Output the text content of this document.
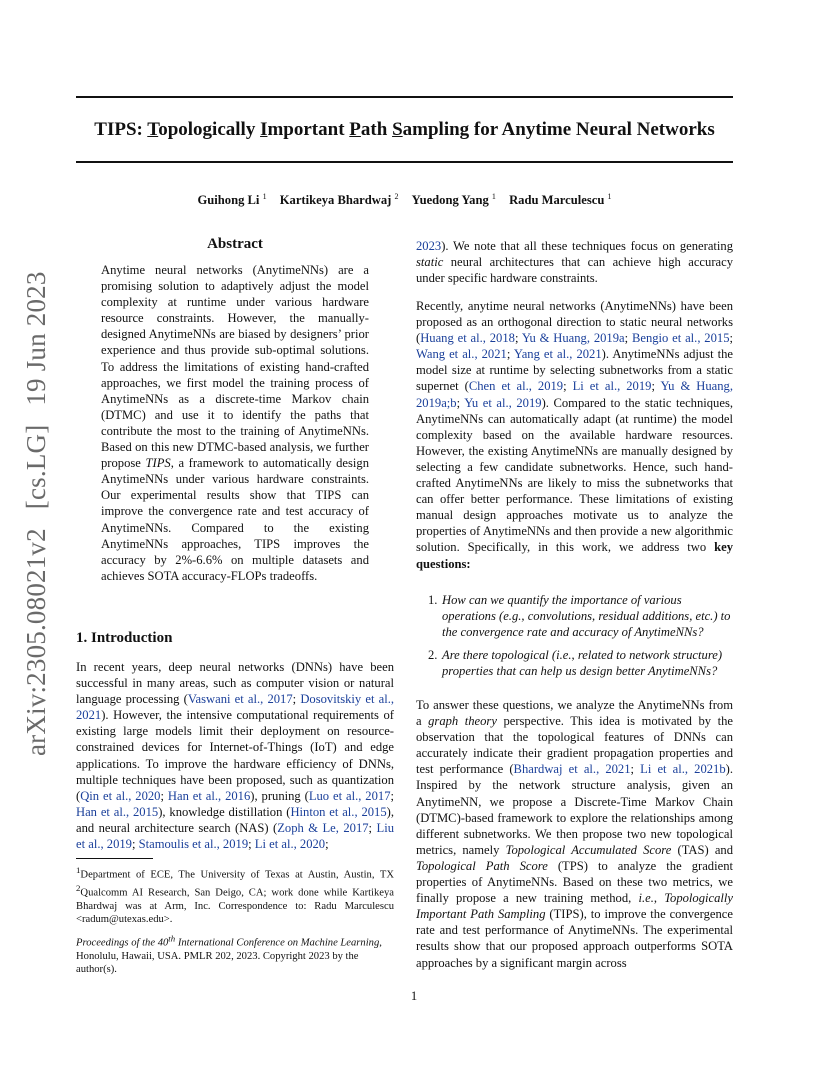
TIPS: Topologically Important Path Sampling for Anytime Neural Networks
Guihong Li $^1$ Kartikeya Bhardwaj $^2$ Yuedong Yang $^1$ Radu Marculescu $^1$
arXiv:2305.08021v2 [cs.LG] 19 Jun 2023
Abstract
Anytime neural networks (AnytimeNNs) are a promising solution to adaptively adjust the model complexity at runtime under various hardware resource constraints. However, the manually-designed AnytimeNNs are biased by designers’ prior experience and thus provide sub-optimal solutions. To address the limitations of existing hand-crafted approaches, we first model the training process of AnytimeNNs as a discrete-time Markov chain (DTMC) and use it to identify the paths that contribute the most to the training of AnytimeNNs. Based on this new DTMC-based analysis, we further propose TIPS, a framework to automatically design AnytimeNNs under various hardware constraints. Our experimental results show that TIPS can improve the convergence rate and test accuracy of AnytimeNNs. Compared to the existing AnytimeNNs approaches, TIPS improves the accuracy by 2%-6.6% on multiple datasets and achieves SOTA accuracy-FLOPs tradeoffs.
1. Introduction
In recent years, deep neural networks (DNNs) have been successful in many areas, such as computer vision or natural language processing (Vaswani et al., 2017; Dosovitskiy et al., 2021). However, the intensive computational requirements of existing large models limit their deployment on resource-constrained devices for Internet-of-Things (IoT) and edge applications. To improve the hardware efficiency of DNNs, multiple techniques have been proposed, such as quantization (Qin et al., 2020; Han et al., 2016), pruning (Luo et al., 2017; Han et al., 2015), knowledge distillation (Hinton et al., 2015), and neural architecture search (NAS) (Zoph & Le, 2017; Liu et al., 2019; Stamoulis et al., 2019; Li et al., 2020;
$^1$Department of ECE, The University of Texas at Austin, Austin, TX $^2$Qualcomm AI Research, San Deigo, CA; work done while Kartikeya Bhardwaj was at Arm, Inc. Correspondence to: Radu Marculescu <radum@utexas.edu>.
Proceedings of the 40th International Conference on Machine Learning, Honolulu, Hawaii, USA. PMLR 202, 2023. Copyright 2023 by the author(s).
2023). We note that all these techniques focus on generating static neural architectures that can achieve high accuracy under specific hardware constraints.
Recently, anytime neural networks (AnytimeNNs) have been proposed as an orthogonal direction to static neural networks (Huang et al., 2018; Yu & Huang, 2019a; Bengio et al., 2015; Wang et al., 2021; Yang et al., 2021). AnytimeNNs adjust the model size at runtime by selecting subnetworks from a static supernet (Chen et al., 2019; Li et al., 2019; Yu & Huang, 2019a;b; Yu et al., 2019). Compared to the static techniques, AnytimeNNs can automatically adapt (at runtime) the model complexity based on the available hardware resources. However, the existing AnytimeNNs are manually designed by selecting a few candidate subnetworks. Hence, such hand-crafted AnytimeNNs are likely to miss the subnetworks that can offer better performance. These limitations of existing manual design approaches motivate us to analyze the properties of AnytimeNNs and then provide a new algorithmic solution. Specifically, in this work, we address two key questions:
1. How can we quantify the importance of various operations (e.g., convolutions, residual additions, etc.) to the convergence rate and accuracy of AnytimeNNs?

2. Are there topological (i.e., related to network structure) properties that can help us design better AnytimeNNs?

To answer these questions, we analyze the AnytimeNNs from a graph theory perspective. This idea is motivated by the observation that the topological features of DNNs can accurately indicate their gradient propagation properties and test performance (Bhardwaj et al., 2021; Li et al., 2021b). Inspired by the network structure analysis, given an AnytimeNN, we propose a Discrete-Time Markov Chain (DTMC)-based framework to explore the relationships among different subnetworks. We then propose two new topological metrics, namely Topological Accumulated Score (TAS) and Topological Path Score (TPS) to analyze the gradient properties of AnytimeNNs. Based on these two metrics, we finally propose a new training method, i.e., Topologically Important Path Sampling (TIPS), to improve the convergence rate and test performance of AnytimeNNs. The experimental results show that our proposed approach outperforms SOTA approaches by a significant margin across
1
